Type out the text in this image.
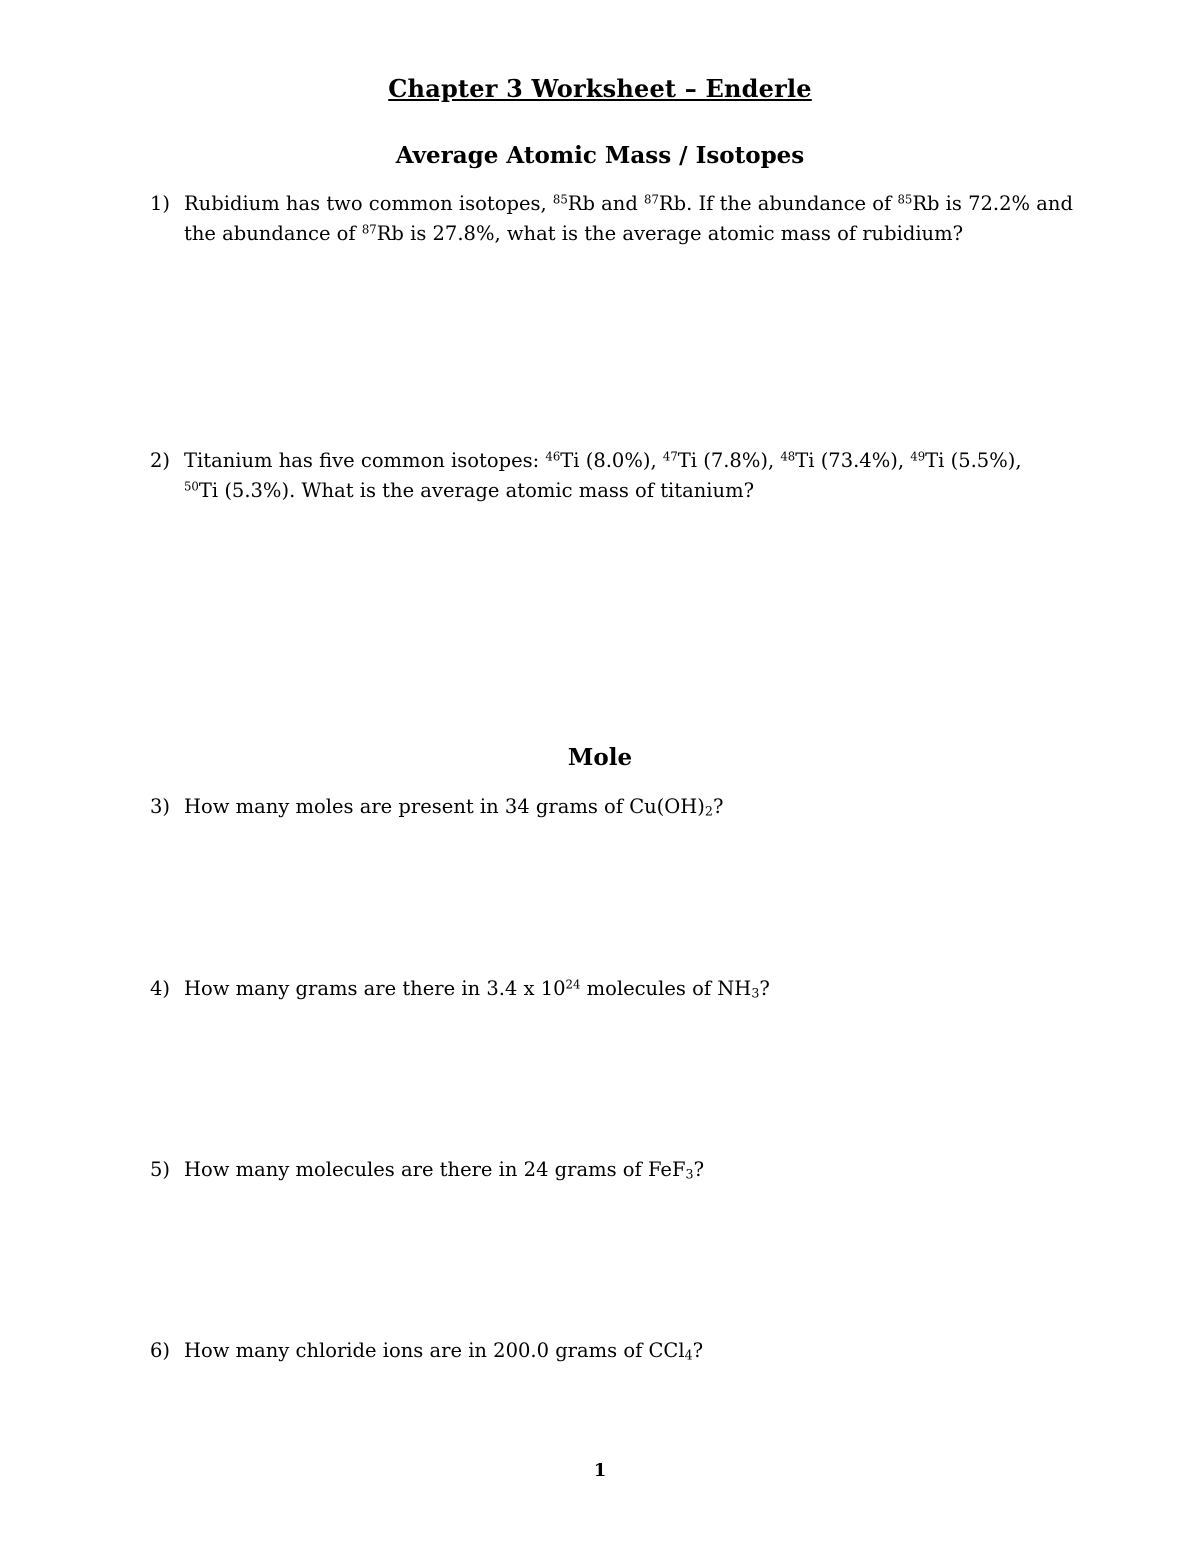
Chapter 3 Worksheet – Enderle
Average Atomic Mass / Isotopes
1) Rubidium has two common isotopes, $^{85}$Rb and $^{87}$Rb. If the abundance of $^{85}$Rb is 72.2% and
the abundance of $^{87}$Rb is 27.8%, what is the average atomic mass of rubidium?
2) Titanium has five common isotopes: $^{46}$Ti (8.0%), $^{47}$Ti (7.8%), $^{48}$Ti (73.4%), $^{49}$Ti (5.5%),
$^{50}$Ti (5.3%). What is the average atomic mass of titanium?
Mole
3) How many moles are present in 34 grams of $Cu(OH)_2$?
4) How many grams are there in 3.4 x $10^{24}$ molecules of $NH_3$?
5) How many molecules are there in 24 grams of FeF$_3$?
6) How many chloride ions are in 200.0 grams of CCl$_4$?
1
